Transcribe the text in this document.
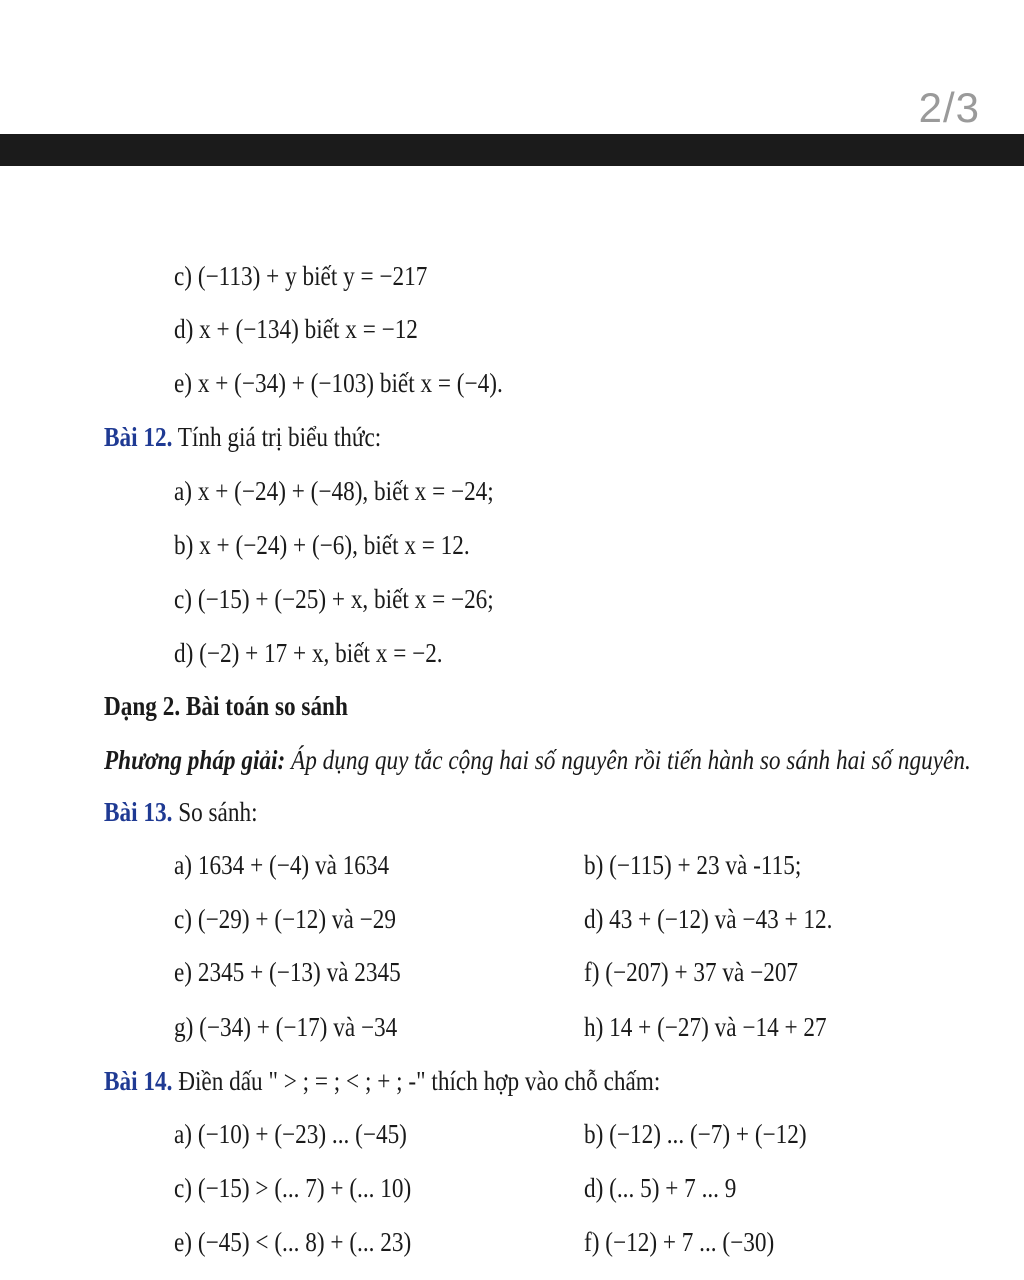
2/3
c) (−113) + y biết y = −217
d) x + (−134) biết x = −12
e) x + (−34) + (−103) biết x = (−4).
Bài 12. Tính giá trị biểu thức:
a) x + (−24) + (−48), biết x = −24;
b) x + (−24) + (−6), biết x = 12.
c) (−15) + (−25) + x, biết x = −26;
d) (−2) + 17 + x, biết x = −2.
Dạng 2. Bài toán so sánh
Phương pháp giải: Áp dụng quy tắc cộng hai số nguyên rồi tiến hành so sánh hai số nguyên.
Bài 13. So sánh:
a) 1634 + (−4) và 1634	b) (−115) + 23 và -115;
c) (−29) + (−12) và −29	d) 43 + (−12) và −43 + 12.
e) 2345 + (−13) và 2345	f) (−207) + 37 và −207
g) (−34) + (−17) và −34	h) 14 + (−27) và −14 + 27
Bài 14. Điền dấu " > ; = ; < ; + ; -" thích hợp vào chỗ chấm:
a) (−10) + (−23) ... (−45)	b) (−12) ... (−7) + (−12)
c) (−15) > (... 7) + (... 10)	d) (... 5) + 7 ... 9
e) (−45) < (... 8) + (... 23)	f) (−12) + 7 ... (−30)
